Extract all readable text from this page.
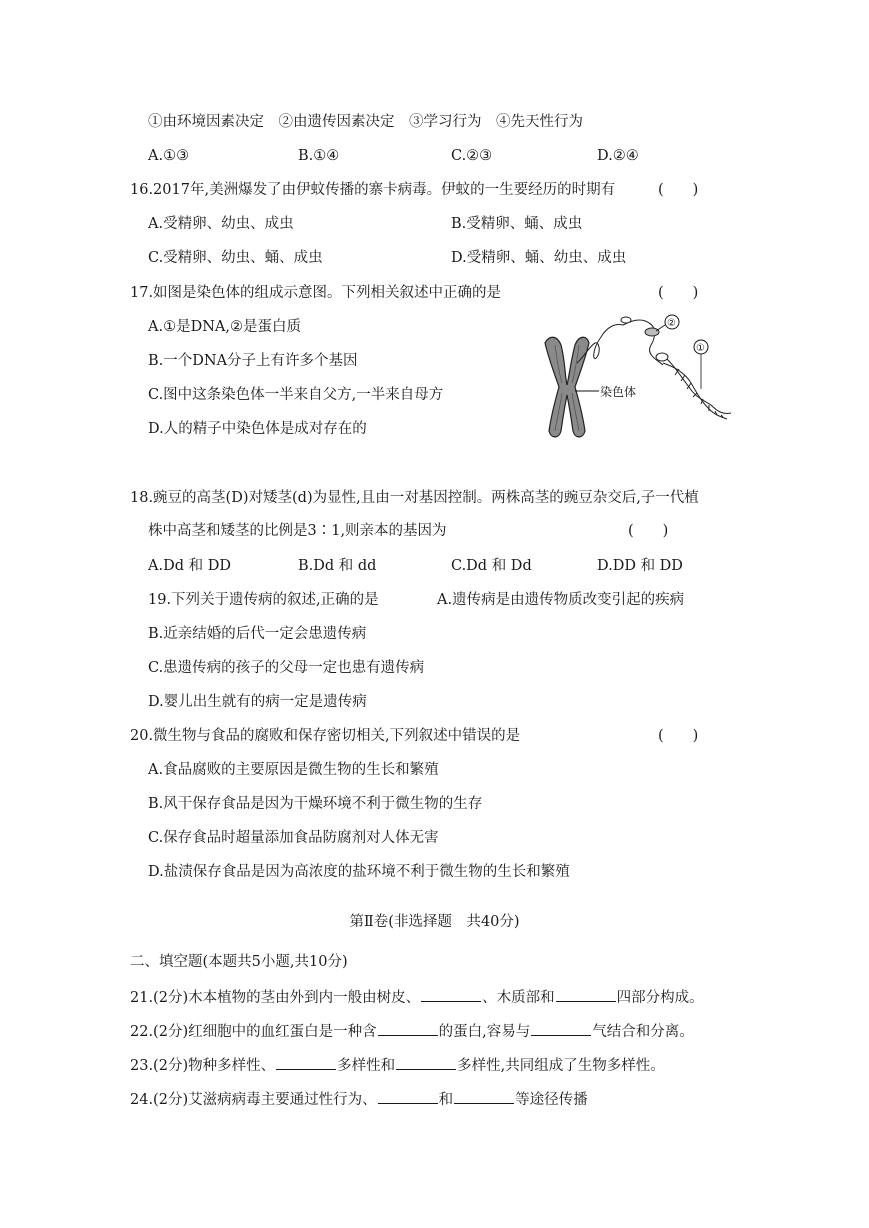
①由环境因素决定　②由遗传因素决定　③学习行为　④先天性行为
A.①③	B.①④	C.②③	D.②④
16.2017年,美洲爆发了由伊蚊传播的寨卡病毒。伊蚊的一生要经历的时期有	(　　)
A.受精卵、幼虫、成虫	B.受精卵、蛹、成虫
C.受精卵、幼虫、蛹、成虫	D.受精卵、蛹、幼虫、成虫
17.如图是染色体的组成示意图。下列相关叙述中正确的是	(　　)
A.①是DNA,②是蛋白质
B.一个DNA分子上有许多个基因
C.图中这条染色体一半来自父方,一半来自母方
D.人的精子中染色体是成对存在的
染色体
②
①
18.豌豆的高茎(D)对矮茎(d)为显性,且由一对基因控制。两株高茎的豌豆杂交后,子一代植
株中高茎和矮茎的比例是3∶1,则亲本的基因为	(　　)
A.Dd 和 DD	B.Dd 和 dd	C.Dd 和 Dd	D.DD 和 DD
19.下列关于遗传病的叙述,正确的是	A.遗传病是由遗传物质改变引起的疾病
B.近亲结婚的后代一定会患遗传病
C.患遗传病的孩子的父母一定也患有遗传病
D.婴儿出生就有的病一定是遗传病
20.微生物与食品的腐败和保存密切相关,下列叙述中错误的是	(　　)
A.食品腐败的主要原因是微生物的生长和繁殖
B.风干保存食品是因为干燥环境不利于微生物的生存
C.保存食品时超量添加食品防腐剂对人体无害
D.盐渍保存食品是因为高浓度的盐环境不利于微生物的生长和繁殖
第Ⅱ卷(非选择题　共40分)
二、填空题(本题共5小题,共10分)
21.(2分)木本植物的茎由外到内一般由树皮、	、木质部和	四部分构成。
22.(2分)红细胞中的血红蛋白是一种含	的蛋白,容易与	气结合和分离。
23.(2分)物种多样性、	多样性和	多样性,共同组成了生物多样性。
24.(2分)艾滋病病毒主要通过性行为、	和	等途径传播
